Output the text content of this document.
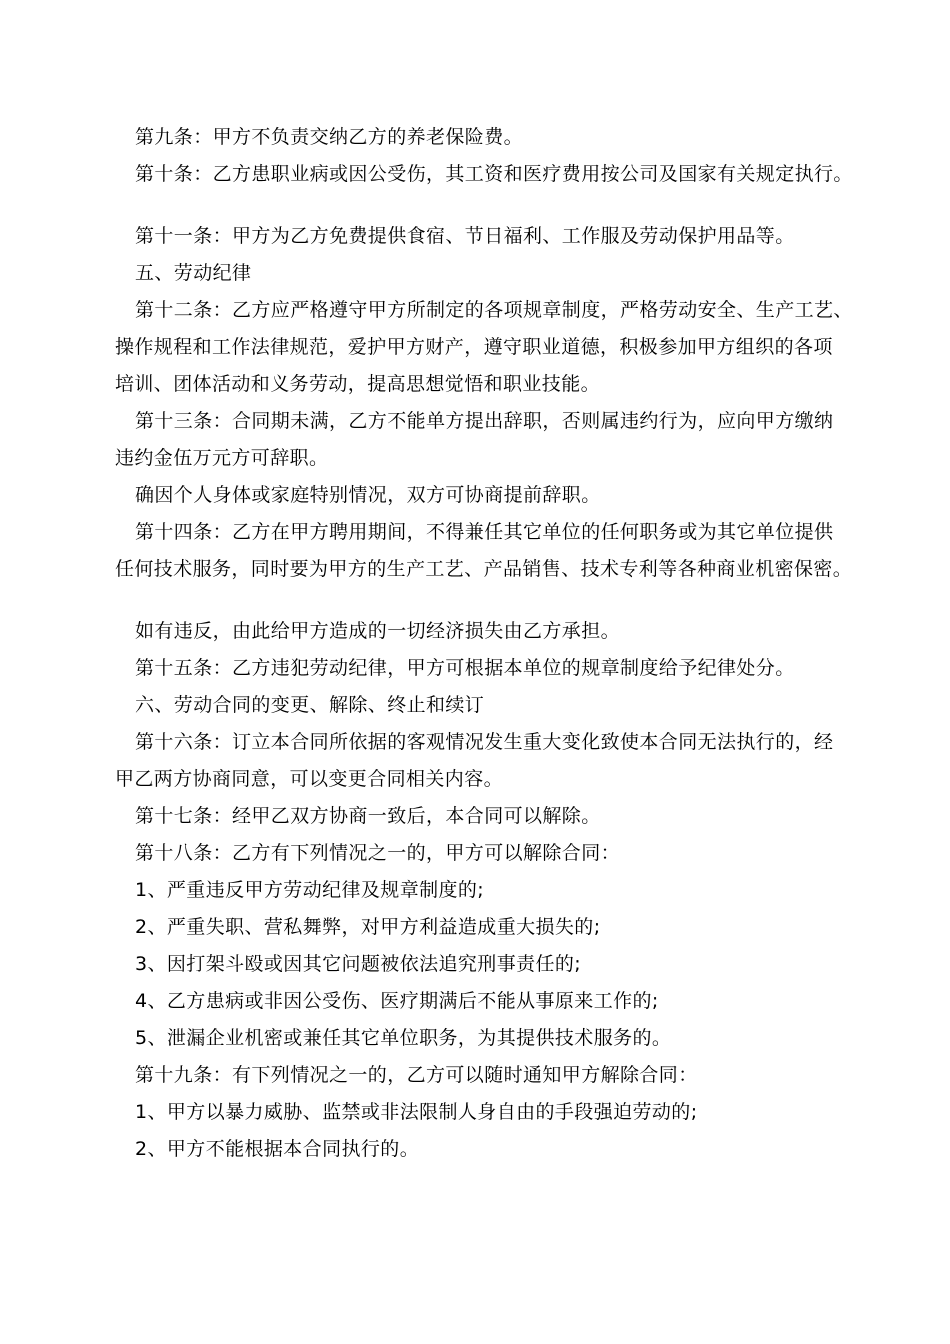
第九条：甲方不负责交纳乙方的养老保险费。
第十条：乙方患职业病或因公受伤，其工资和医疗费用按公司及国家有关规定执行。
第十一条：甲方为乙方免费提供食宿、节日福利、工作服及劳动保护用品等。
五、劳动纪律
第十二条：乙方应严格遵守甲方所制定的各项规章制度，严格劳动安全、生产工艺、
操作规程和工作法律规范，爱护甲方财产，遵守职业道德，积极参加甲方组织的各项
培训、团体活动和义务劳动，提高思想觉悟和职业技能。
第十三条：合同期未满，乙方不能单方提出辞职，否则属违约行为，应向甲方缴纳
违约金伍万元方可辞职。
确因个人身体或家庭特别情况，双方可协商提前辞职。
第十四条：乙方在甲方聘用期间，不得兼任其它单位的任何职务或为其它单位提供
任何技术服务，同时要为甲方的生产工艺、产品销售、技术专利等各种商业机密保密。
如有违反，由此给甲方造成的一切经济损失由乙方承担。
第十五条：乙方违犯劳动纪律，甲方可根据本单位的规章制度给予纪律处分。
六、劳动合同的变更、解除、终止和续订
第十六条：订立本合同所依据的客观情况发生重大变化致使本合同无法执行的，经
甲乙两方协商同意，可以变更合同相关内容。
第十七条：经甲乙双方协商一致后，本合同可以解除。
第十八条：乙方有下列情况之一的，甲方可以解除合同：
1、严重违反甲方劳动纪律及规章制度的;
2、严重失职、营私舞弊，对甲方利益造成重大损失的;
3、因打架斗殴或因其它问题被依法追究刑事责任的;
4、乙方患病或非因公受伤、医疗期满后不能从事原来工作的;
5、泄漏企业机密或兼任其它单位职务，为其提供技术服务的。
第十九条：有下列情况之一的，乙方可以随时通知甲方解除合同：
1、甲方以暴力威胁、监禁或非法限制人身自由的手段强迫劳动的;
2、甲方不能根据本合同执行的。
